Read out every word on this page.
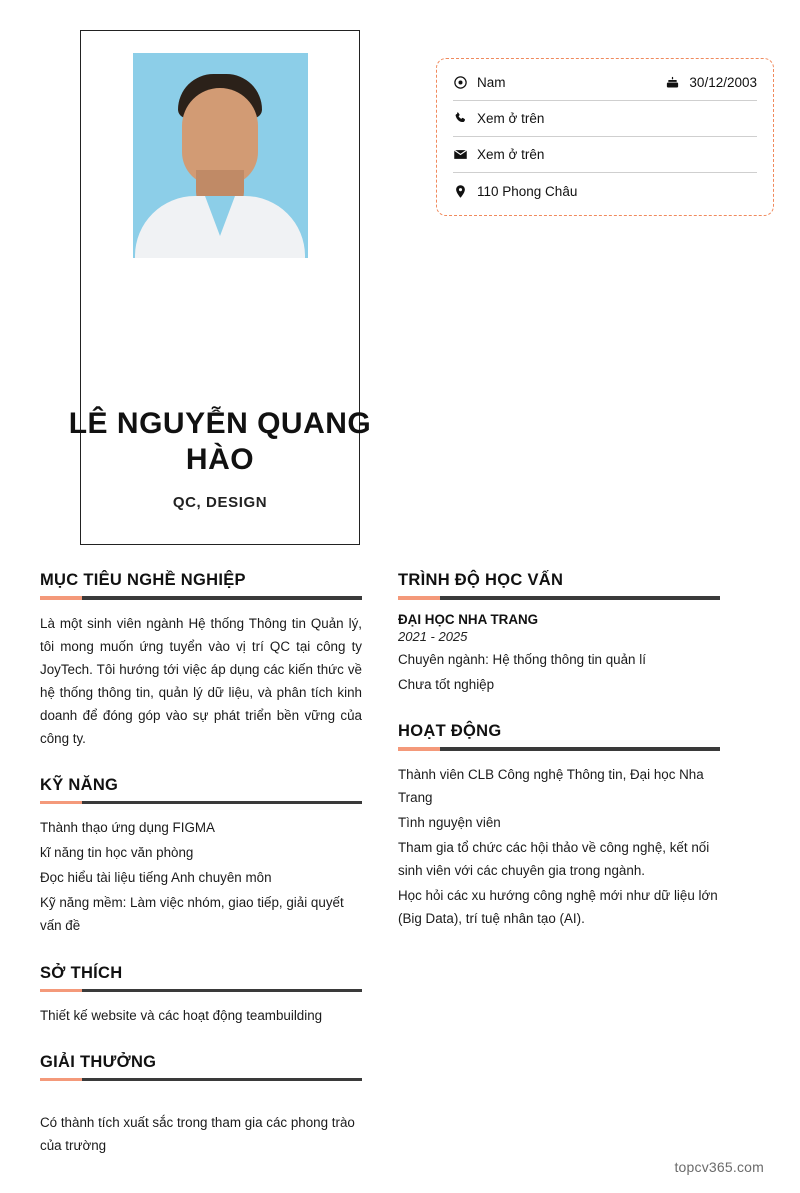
LÊ NGUYỄN QUANG HÀO
QC, DESIGN
Nam	30/12/2003
Xem ở trên
Xem ở trên
110 Phong Châu
MỤC TIÊU NGHỀ NGHIỆP

Là một sinh viên ngành Hệ thống Thông tin Quản lý, tôi mong muốn ứng tuyển vào vị trí QC tại công ty JoyTech. Tôi hướng tới việc áp dụng các kiến thức về hệ thống thông tin, quản lý dữ liệu, và phân tích kinh doanh để đóng góp vào sự phát triển bền vững của công ty.

KỸ NĂNG
Thành thạo ứng dụng FIGMA
kĩ năng tin học văn phòng
Đọc hiểu tài liệu tiếng Anh chuyên môn
Kỹ năng mềm: Làm việc nhóm, giao tiếp, giải quyết vấn đề
SỞ THÍCH
Thiết kế website và các hoạt động teambuilding
GIẢI THƯỞNG
Có thành tích xuất sắc trong tham gia các phong trào của trường
TRÌNH ĐỘ HỌC VẤN
ĐẠI HỌC NHA TRANG
2021 - 2025
Chuyên ngành: Hệ thống thông tin quản lí
Chưa tốt nghiệp
HOẠT ĐỘNG
Thành viên CLB Công nghệ Thông tin, Đại học Nha Trang
Tình nguyện viên
Tham gia tổ chức các hội thảo về công nghệ, kết nối sinh viên với các chuyên gia trong ngành.
Học hỏi các xu hướng công nghệ mới như dữ liệu lớn (Big Data), trí tuệ nhân tạo (AI).
topcv365.com
